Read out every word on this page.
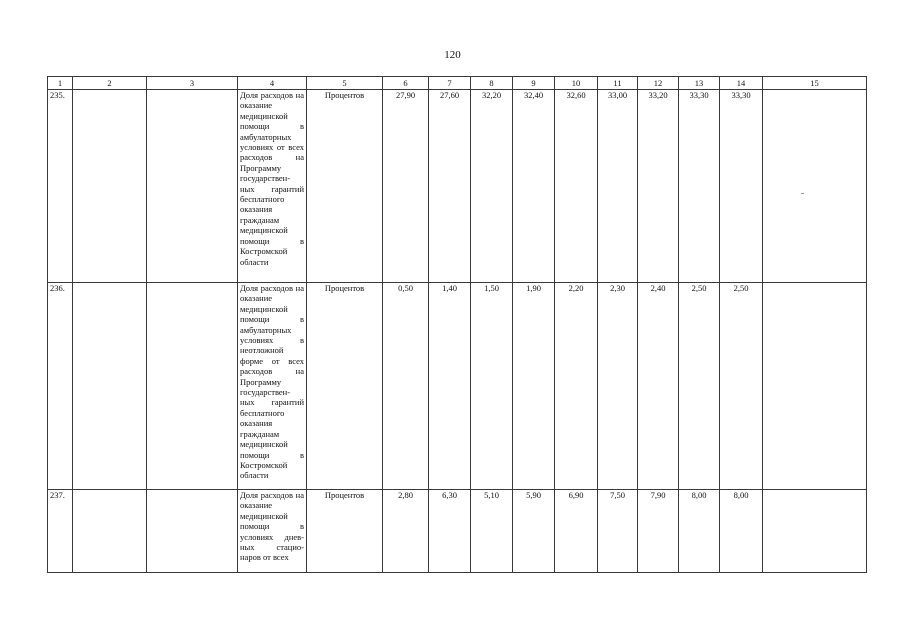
120
1	2	3	4	5	6	7	8	9	10	11	12	13	14	15
235.			Доля расходов на оказание медицинской помощи в амбулаторных условиях от всех расходов на Программу государствен-ных гарантий бесплатного оказания гражданам медицинской помощи в Костромской области	Процентов	27,90	27,60	32,20	32,40	32,60	33,00	33,20	33,30	33,30	
236.			Доля расходов на оказание медицинской помощи в амбулаторных условиях в неотложной форме от всех расходов на Программу государствен-ных гарантий бесплатного оказания гражданам медицинской помощи в Костромской области	Процентов	0,50	1,40	1,50	1,90	2,20	2,30	2,40	2,50	2,50	
237.			Доля расходов на оказание медицинской помощи в условиях днев-ных стацио-наров от всех	Процентов	2,80	6,30	5,10	5,90	6,90	7,50	7,90	8,00	8,00	
